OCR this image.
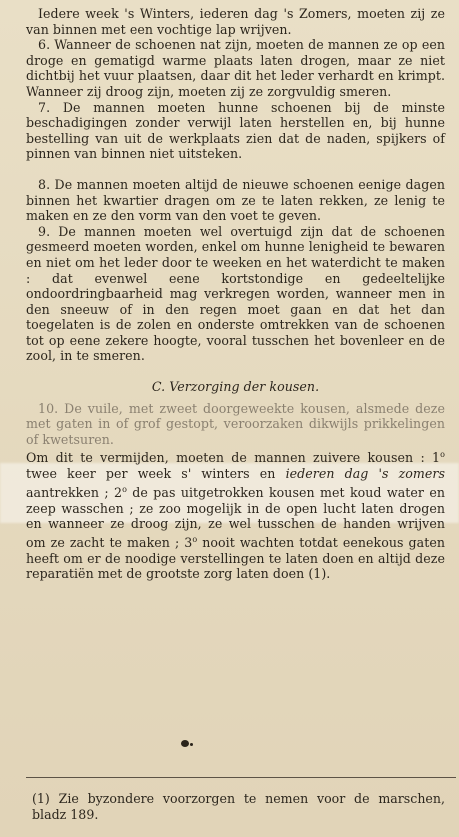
Iedere week 's Winters, iederen dag 's Zomers, moeten zij ze van binnen met een vochtige lap wrijven.

6. Wanneer de schoenen nat zijn, moeten de mannen ze op een droge en gematigd warme plaats laten drogen, maar ze niet dichtbij het vuur plaatsen, daar dit het leder verhardt en krimpt. Wanneer zij droog zijn, moeten zij ze zorgvuldig smeren.

7. De mannen moeten hunne schoenen bij de minste beschadigingen zonder verwijl laten herstellen en, bij hunne bestelling van uit de werkplaats zien dat de naden, spijkers of pinnen van binnen niet uitsteken.

8. De mannen moeten altijd de nieuwe schoenen eenige dagen binnen het kwartier dragen om ze te laten rekken, ze lenig te maken en ze den vorm van den voet te geven.

9. De mannen moeten wel overtuigd zijn dat de schoenen gesmeerd moeten worden, enkel om hunne lenigheid te bewaren en niet om het leder door te weeken en het waterdicht te maken : dat evenwel eene kortstondige en gedeeltelijke ondoordringbaarheid mag verkregen worden, wanneer men in den sneeuw of in den regen moet gaan en dat het dan toegelaten is de zolen en onderste omtrekken van de schoenen tot op eene zekere hoogte, vooral tusschen het bovenleer en de zool, in te smeren.

C. Verzorging der kousen.

10. De vuile, met zweet doorgeweekte kousen, alsmede deze met gaten in of grof gestopt, veroorzaken dikwijls prikkelingen of kwetsuren.

Om dit te vermijden, moeten de mannen zuivere kousen : 1$^o$ twee keer per week s' winters en iederen dag 's zomers aantrekken ; 2$^o$ de pas uitgetrokken kousen met koud water en zeep wasschen ; ze zoo mogelijk in de open lucht laten drogen en wanneer ze droog zijn, ze wel tusschen de handen wrijven om ze zacht te maken ; 3$^o$ nooit wachten totdat eenekous gaten heeft om er de noodige verstellingen te laten doen en altijd deze reparatiën met de grootste zorg laten doen (1).

(1) Zie byzondere voorzorgen te nemen voor de marschen, bladz 189.
